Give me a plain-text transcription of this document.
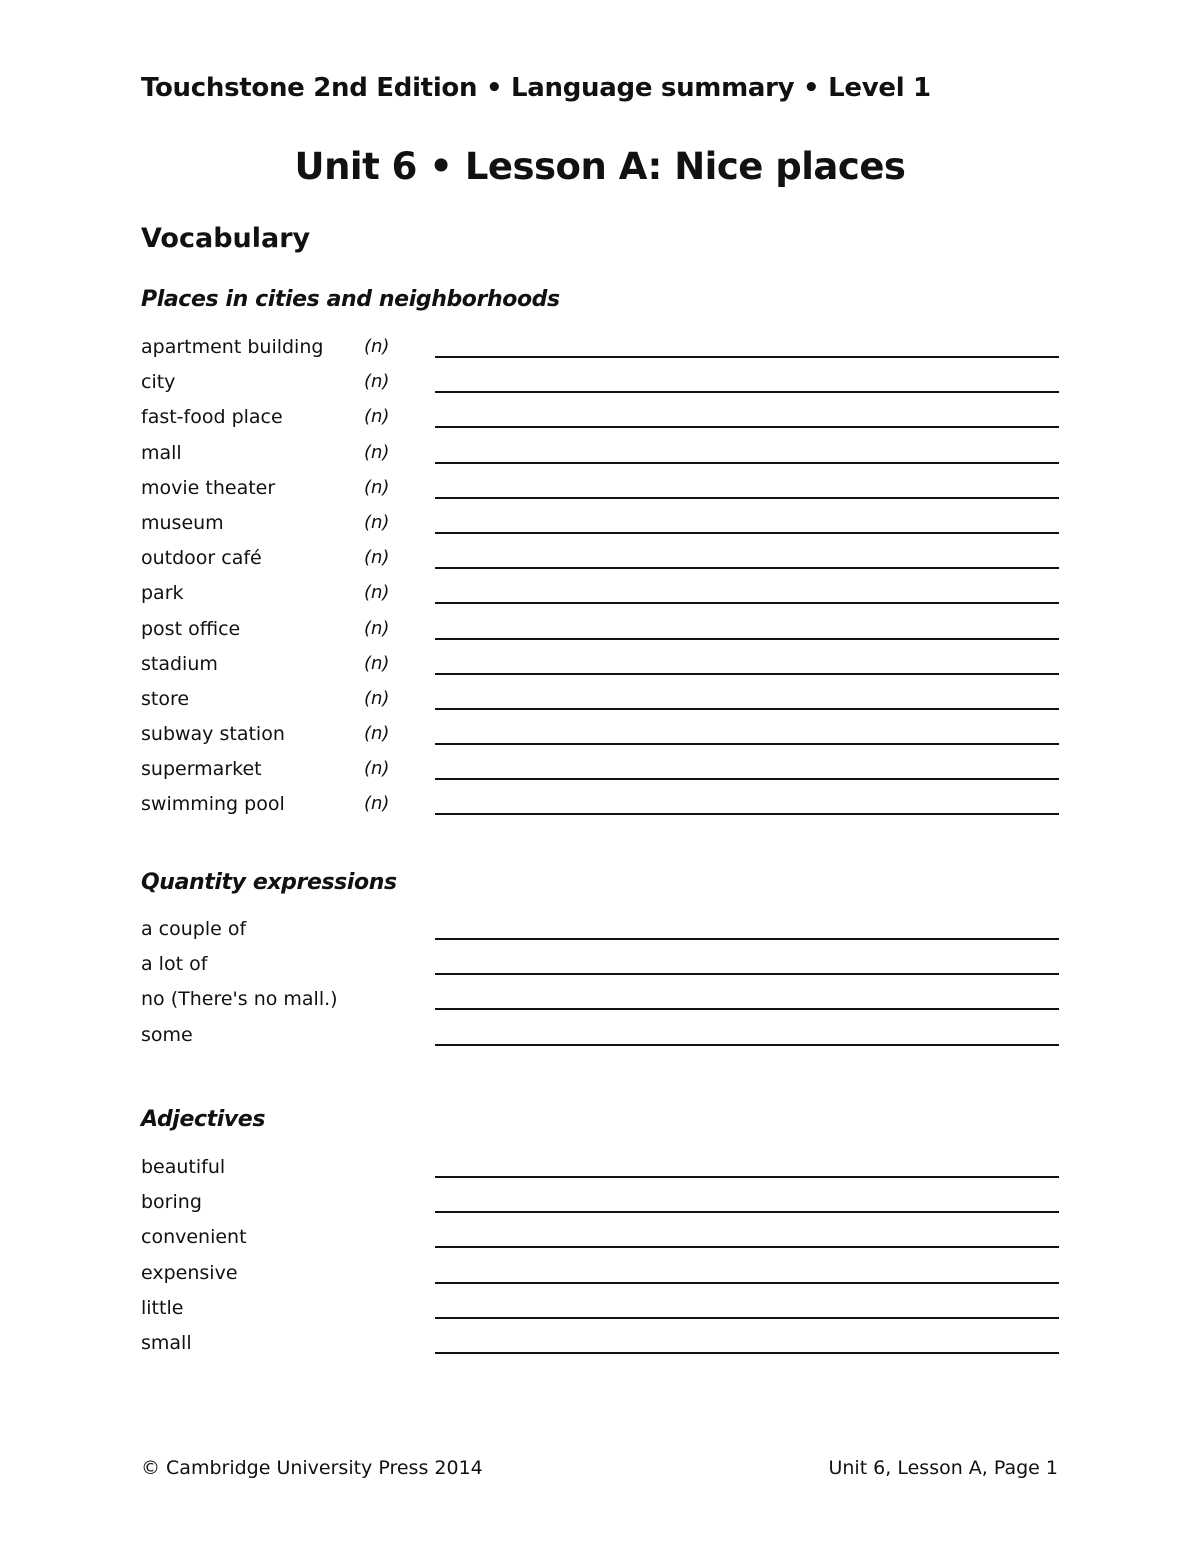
Touchstone 2nd Edition • Language summary • Level 1
Unit 6 • Lesson A: Nice places
Vocabulary
Places in cities and neighborhoods
apartment building (n)
city	(n)
fast-food place	(n)
mall	(n)
movie theater	(n)
museum	(n)
outdoor café	(n)
park	(n)
post office	(n)
stadium	(n)
store	(n)
subway station	(n)
supermarket	(n)
swimming pool	(n)
Quantity expressions
a couple of
a lot of
no (There's no mall.)
some
Adjectives
beautiful
boring
convenient
expensive
little
small
© Cambridge University Press 2014	Unit 6, Lesson A, Page 1
